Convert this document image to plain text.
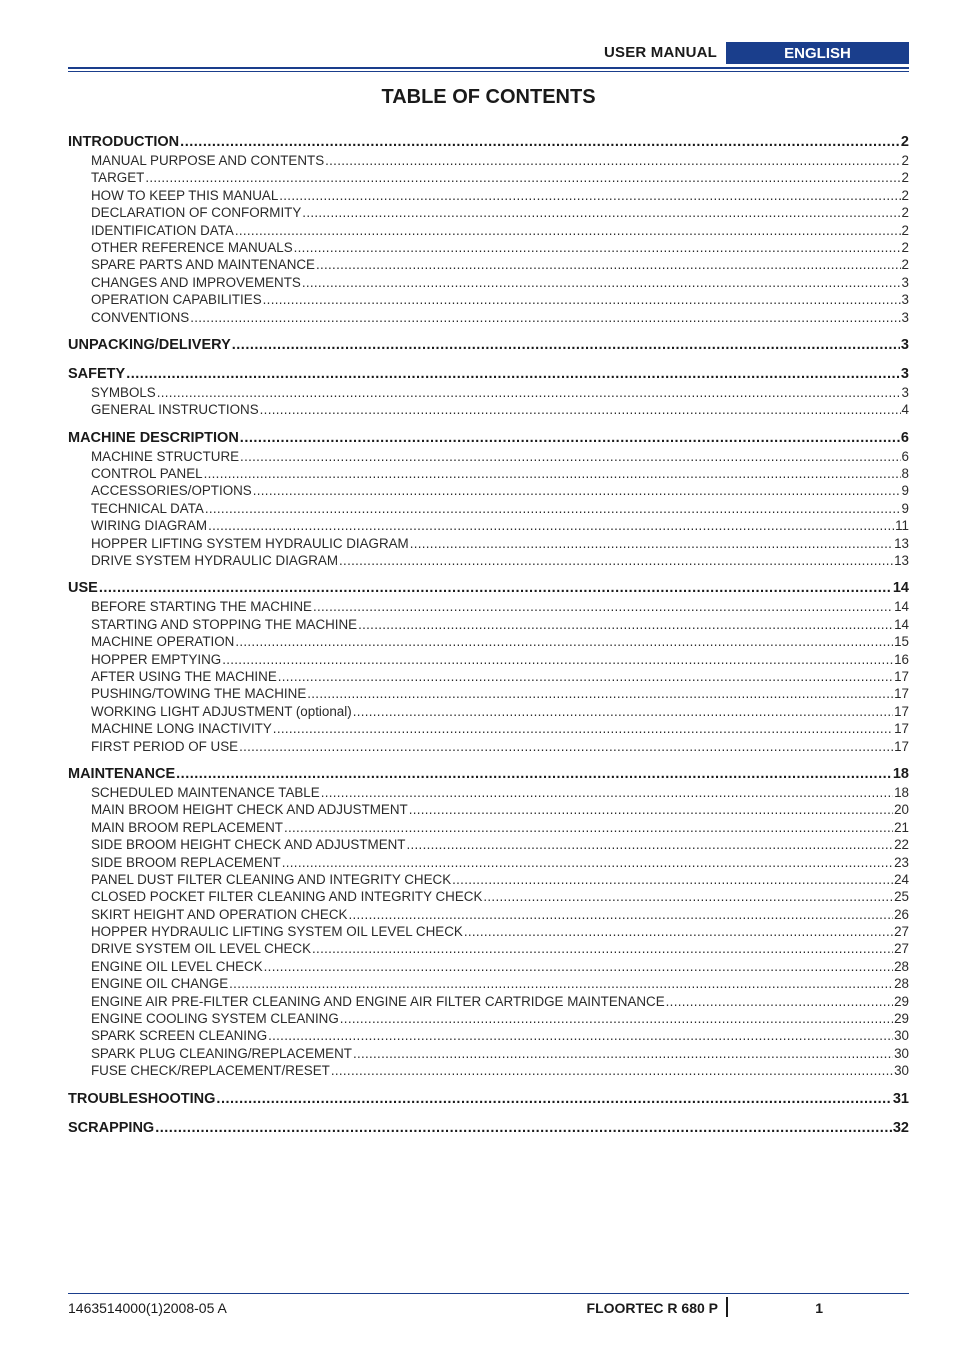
USER MANUAL	ENGLISH
TABLE OF CONTENTS
INTRODUCTION .....	2
MANUAL PURPOSE AND CONTENTS .....	2
TARGET .....	2
HOW TO KEEP THIS MANUAL .....	2
DECLARATION OF CONFORMITY .....	2
IDENTIFICATION DATA .....	2
OTHER REFERENCE MANUALS .....	2
SPARE PARTS AND MAINTENANCE .....	2
CHANGES AND IMPROVEMENTS .....	3
OPERATION CAPABILITIES .....	3
CONVENTIONS .....	3
UNPACKING/DELIVERY .....	3
SAFETY .....	3
SYMBOLS .....	3
GENERAL INSTRUCTIONS .....	4
MACHINE DESCRIPTION .....	6
MACHINE STRUCTURE .....	6
CONTROL PANEL .....	8
ACCESSORIES/OPTIONS .....	9
TECHNICAL DATA .....	9
WIRING DIAGRAM .....	11
HOPPER LIFTING SYSTEM HYDRAULIC DIAGRAM .....	13
DRIVE SYSTEM HYDRAULIC DIAGRAM .....	13
USE .....	14
BEFORE STARTING THE MACHINE .....	14
STARTING AND STOPPING THE MACHINE .....	14
MACHINE OPERATION .....	15
HOPPER EMPTYING .....	16
AFTER USING THE MACHINE .....	17
PUSHING/TOWING THE MACHINE .....	17
WORKING LIGHT ADJUSTMENT (optional) .....	17
MACHINE LONG INACTIVITY .....	17
FIRST PERIOD OF USE .....	17
MAINTENANCE .....	18
SCHEDULED MAINTENANCE TABLE .....	18
MAIN BROOM HEIGHT CHECK AND ADJUSTMENT .....	20
MAIN BROOM REPLACEMENT .....	21
SIDE BROOM HEIGHT CHECK AND ADJUSTMENT .....	22
SIDE BROOM REPLACEMENT .....	23
PANEL DUST FILTER CLEANING AND INTEGRITY CHECK .....	24
CLOSED POCKET FILTER CLEANING AND INTEGRITY CHECK .....	25
SKIRT HEIGHT AND OPERATION CHECK .....	26
HOPPER HYDRAULIC LIFTING SYSTEM OIL LEVEL CHECK .....	27
DRIVE SYSTEM OIL LEVEL CHECK .....	27
ENGINE OIL LEVEL CHECK .....	28
ENGINE OIL CHANGE .....	28
ENGINE AIR PRE-FILTER CLEANING AND ENGINE AIR FILTER CARTRIDGE MAINTENANCE .....	29
ENGINE COOLING SYSTEM CLEANING .....	29
SPARK SCREEN CLEANING .....	30
SPARK PLUG CLEANING/REPLACEMENT .....	30
FUSE CHECK/REPLACEMENT/RESET .....	30
TROUBLESHOOTING .....	31
SCRAPPING .....	32
1463514000(1)2008-05 A	FLOORTEC R 680 P	1
